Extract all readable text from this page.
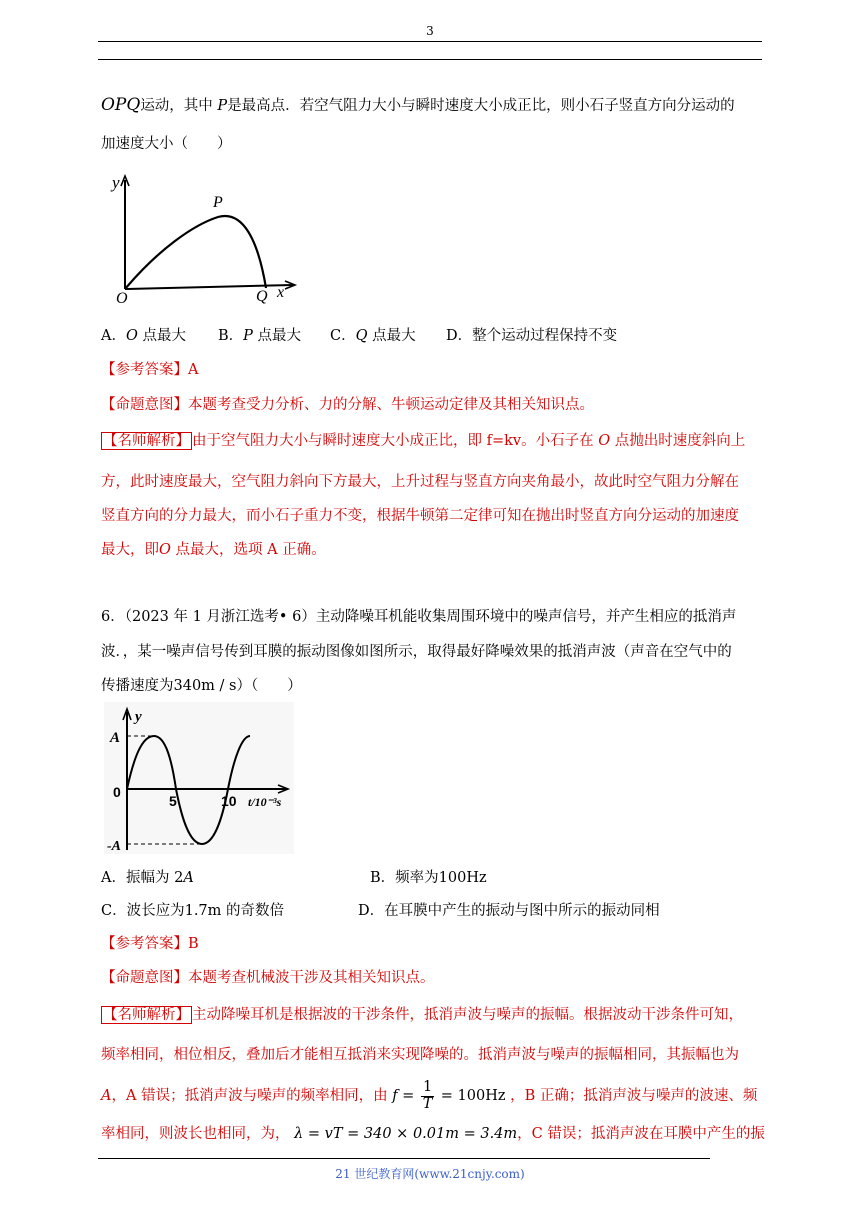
3
OPQ运动，其中 P是最高点．若空气阻力大小与瞬时速度大小成正比，则小石子竖直方向分运动的
加速度大小（　　）
y
P
O	Q x
A．O 点最大 B．P 点最大 C．Q 点最大 D．整个运动过程保持不变
【参考答案】A
【命题意图】本题考查受力分析、力的分解、牛顿运动定律及其相关知识点。
【名师解析】 由于空气阻力大小与瞬时速度大小成正比，即 f=kv。小石子在 O 点抛出时速度斜向上
方，此时速度最大，空气阻力斜向下方最大，上升过程与竖直方向夹角最小，故此时空气阻力分解在
竖直方向的分力最大，而小石子重力不变，根据牛顿第二定律可知在抛出时竖直方向分运动的加速度
最大，即O 点最大，选项 A 正确。
6．（2023 年 1 月浙江选考• 6）主动降噪耳机能收集周围环境中的噪声信号，并产生相应的抵消声
波．，某一噪声信号传到耳膜的振动图像如图所示，取得最好降噪效果的抵消声波（声音在空气中的
传播速度为340m / s）（　　）
y
A
0
5	10 t/10⁻³s
-A
A．振幅为 2A	B．频率为100Hz
C．波长应为1.7m 的奇数倍	D．在耳膜中产生的振动与图中所示的振动同相
【参考答案】B
【命题意图】本题考查机械波干涉及其相关知识点。
【名师解析】 主动降噪耳机是根据波的干涉条件，抵消声波与噪声的振幅。根据波动干涉条件可知，
频率相同，相位相反，叠加后才能相互抵消来实现降噪的。抵消声波与噪声的振幅相同，其振幅也为
A，A 错误；抵消声波与噪声的频率相同，由 $f = \frac{1}{T} = 100Hz$ ，B 正确；抵消声波与噪声的波速、频
率相同，则波长也相同，为， λ = vT = 340 × 0.01m = 3.4m，C 错误；抵消声波在耳膜中产生的振
21 世纪教育网(www.21cnjy.com)
